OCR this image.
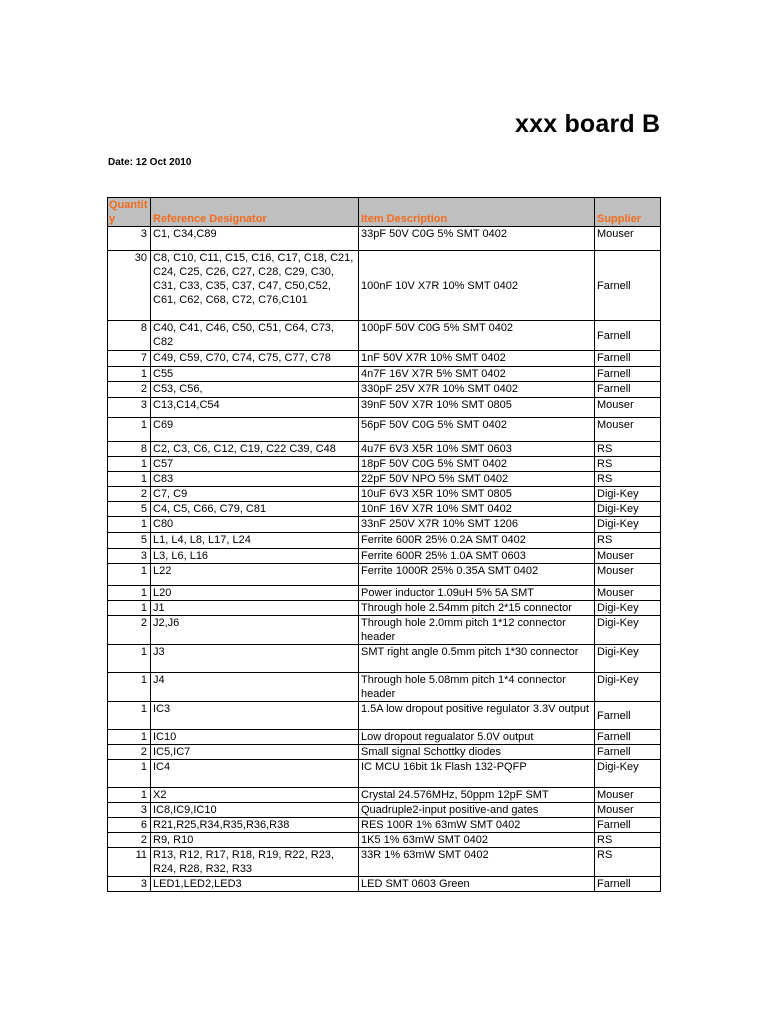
xxx board B
Date: 12 Oct 2010
Quantity	Reference Designator	Item Description	Supplier
3	C1, C34,C89	33pF 50V C0G 5% SMT 0402	Mouser
30	C8, C10, C11, C15, C16, C17, C18, C21, C24, C25, C26, C27, C28, C29, C30, C31, C33, C35, C37, C47, C50,C52, C61, C62, C68, C72, C76,C101	100nF 10V X7R 10% SMT 0402	Farnell
8	C40, C41, C46, C50, C51, C64, C73, C82	100pF 50V C0G 5% SMT 0402	Farnell
7	C49, C59, C70, C74, C75, C77, C78	1nF 50V X7R 10% SMT 0402	Farnell
1	C55	4n7F 16V X7R 5% SMT 0402	Farnell
2	C53, C56,	330pF 25V X7R 10% SMT 0402	Farnell
3	C13,C14,C54	39nF 50V X7R 10% SMT 0805	Mouser
1	C69	56pF 50V C0G 5% SMT 0402	Mouser
8	C2, C3, C6, C12, C19, C22 C39, C48	4u7F 6V3 X5R 10% SMT 0603	RS
1	C57	18pF 50V C0G 5% SMT 0402	RS
1	C83	22pF 50V NPO 5% SMT 0402	RS
2	C7, C9	10uF 6V3 X5R 10% SMT 0805	Digi-Key
5	C4, C5, C66, C79, C81	10nF 16V X7R 10% SMT 0402	Digi-Key
1	C80	33nF 250V X7R 10% SMT 1206	Digi-Key
5	L1, L4, L8, L17, L24	Ferrite 600R 25% 0.2A SMT 0402	RS
3	L3, L6, L16	Ferrite 600R 25% 1.0A SMT 0603	Mouser
1	L22	Ferrite 1000R 25% 0.35A SMT 0402	Mouser
1	L20	Power inductor 1.09uH 5% 5A SMT	Mouser
1	J1	Through hole 2.54mm pitch 2*15 connector	Digi-Key
2	J2,J6	Through hole 2.0mm pitch 1*12 connector header	Digi-Key
1	J3	SMT right angle 0.5mm pitch 1*30 connector	Digi-Key
1	J4	Through hole 5.08mm pitch 1*4 connector header	Digi-Key
1	IC3	1.5A low dropout positive regulator 3.3V output	Farnell
1	IC10	Low dropout regualator 5.0V output	Farnell
2	IC5,IC7	Small signal Schottky diodes	Farnell
1	IC4	IC MCU 16bit 1k Flash 132-PQFP	Digi-Key
1	X2	Crystal 24.576MHz, 50ppm 12pF SMT	Mouser
3	IC8,IC9,IC10	Quadruple2-input positive-and gates	Mouser
6	R21,R25,R34,R35,R36,R38	RES 100R 1% 63mW SMT 0402	Farnell
2	R9, R10	1K5 1% 63mW SMT 0402	RS
11	R13, R12, R17, R18, R19, R22, R23, R24, R28, R32, R33	33R 1% 63mW SMT 0402	RS
3	LED1,LED2,LED3	LED SMT 0603 Green	Farnell
